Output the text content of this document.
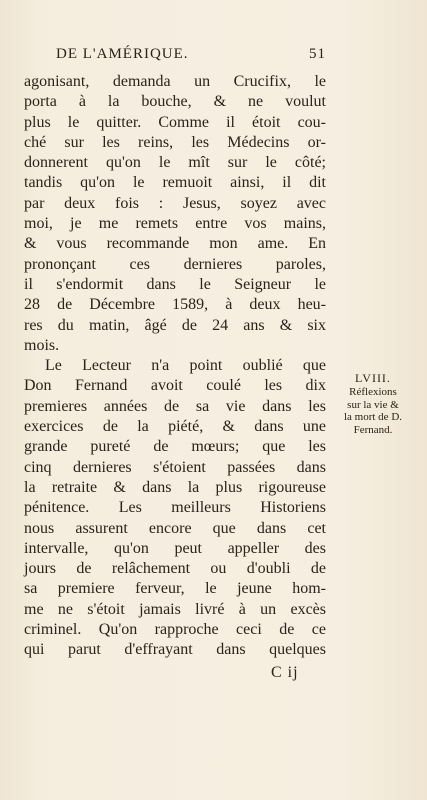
DE L'AMÉRIQUE.	51
agonisant, demanda un Crucifix, le
porta à la bouche, & ne voulut
plus le quitter. Comme il étoit cou-
ché sur les reins, les Médecins or-
donnerent qu'on le mît sur le côté;
tandis qu'on le remuoit ainsi, il dit
par deux fois : Jesus, soyez avec
moi, je me remets entre vos mains,
& vous recommande mon ame. En
prononçant ces dernieres paroles,
il s'endormit dans le Seigneur le
28 de Décembre 1589, à deux heu-
res du matin, âgé de 24 ans & six
mois.
Le Lecteur n'a point oublié que
Don Fernand avoit coulé les dix
premieres années de sa vie dans les
exercices de la piété, & dans une
grande pureté de mœurs; que les
cinq dernieres s'étoient passées dans
la retraite & dans la plus rigoureuse
pénitence. Les meilleurs Historiens
nous assurent encore que dans cet
intervalle, qu'on peut appeller des
jours de relâchement ou d'oubli de
sa premiere ferveur, le jeune hom-
me ne s'étoit jamais livré à un excès
criminel. Qu'on rapproche ceci de ce
qui parut d'effrayant dans quelques
LVIII.
Réflexions
sur la vie &
la mort de D.
Fernand.
C ij
